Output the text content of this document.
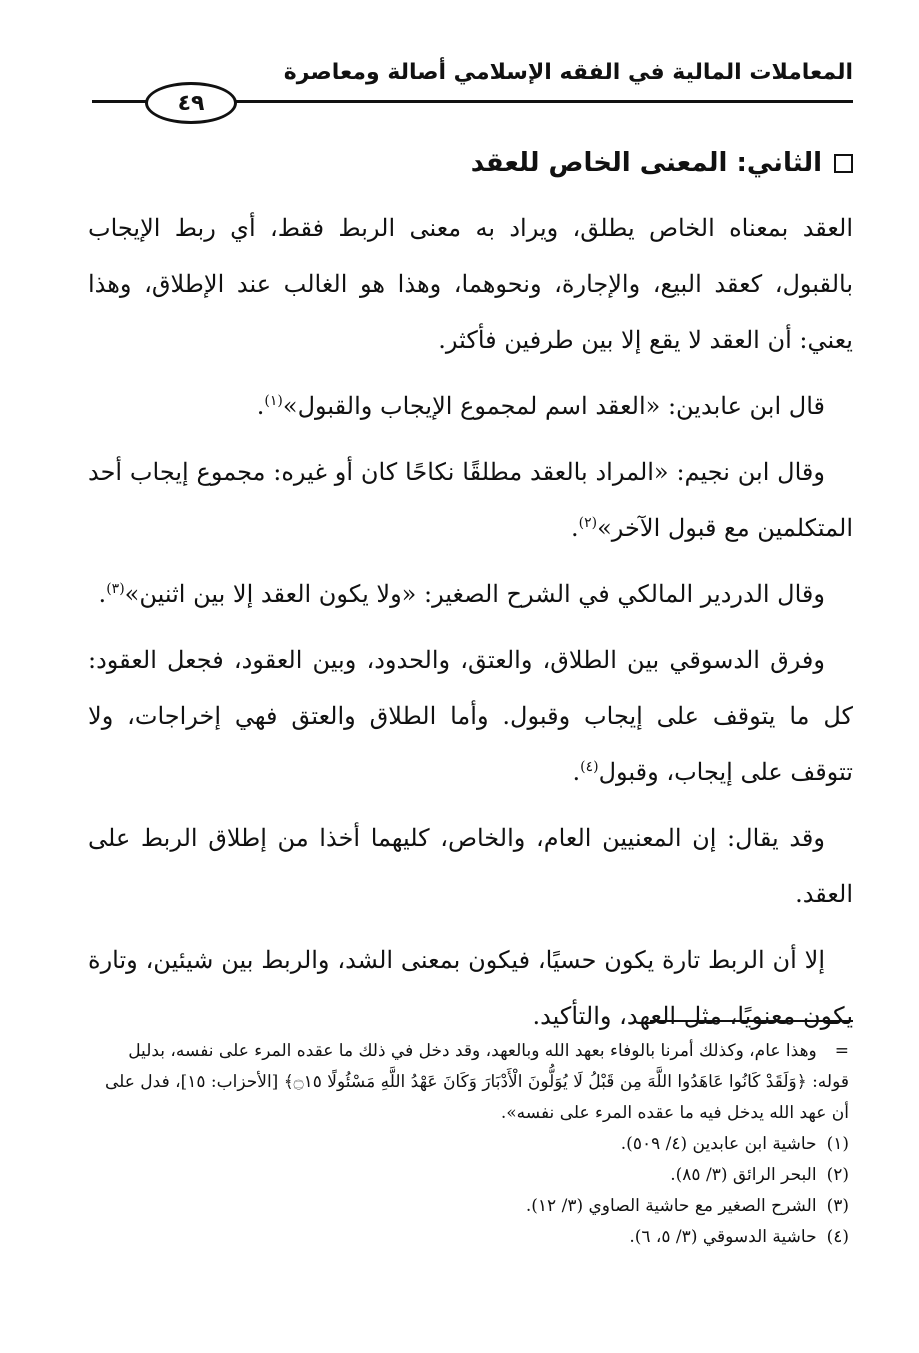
المعاملات المالية في الفقه الإسلامي أصالة ومعاصرة
٤٩
الثاني: المعنى الخاص للعقد

العقد بمعناه الخاص يطلق، ويراد به معنى الربط فقط، أي ربط الإيجاب بالقبول، كعقد البيع، والإجارة، ونحوهما، وهذا هو الغالب عند الإطلاق، وهذا يعني: أن العقد لا يقع إلا بين طرفين فأكثر.

قال ابن عابدين: «العقد اسم لمجموع الإيجاب والقبول»$^{(١)}$.

وقال ابن نجيم: «المراد بالعقد مطلقًا نكاحًا كان أو غيره: مجموع إيجاب أحد المتكلمين مع قبول الآخر»$^{(٢)}$.

وقال الدردير المالكي في الشرح الصغير: «ولا يكون العقد إلا بين اثنين»$^{(٣)}$.

وفرق الدسوقي بين الطلاق، والعتق، والحدود، وبين العقود، فجعل العقود: كل ما يتوقف على إيجاب وقبول. وأما الطلاق والعتق فهي إخراجات، ولا تتوقف على إيجاب، وقبول$^{(٤)}$.

وقد يقال: إن المعنيين العام، والخاص، كليهما أخذا من إطلاق الربط على العقد.

إلا أن الربط تارة يكون حسيًا، فيكون بمعنى الشد، والربط بين شيئين، وتارة يكون معنويًا، مثل العهد، والتأكيد.

=وهذا عام، وكذلك أمرنا بالوفاء بعهد الله وبالعهد، وقد دخل في ذلك ما عقده المرء على نفسه، بدليل قوله: ﴿وَلَقَدْ كَانُوا عَاهَدُوا اللَّهَ مِن قَبْلُ لَا يُوَلُّونَ الْأَدْبَارَ وَكَانَ عَهْدُ اللَّهِ مَسْئُولًا ۝١٥﴾ [الأحزاب: ١٥]، فدل على أن عهد الله يدخل فيه ما عقده المرء على نفسه».

(١)حاشية ابن عابدين (٤/ ٥٠٩).

(٢)البحر الرائق (٣/ ٨٥).

(٣)الشرح الصغير مع حاشية الصاوي (٣/ ١٢).

(٤)حاشية الدسوقي (٣/ ٥، ٦).
